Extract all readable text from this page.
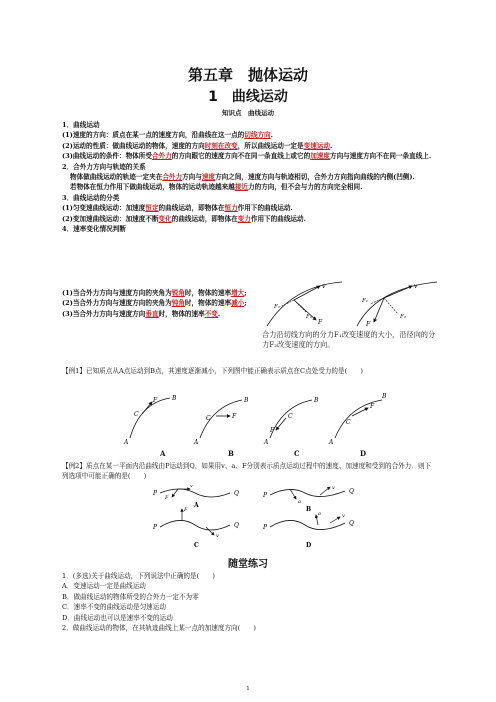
第五章　抛体运动
1　曲线运动
知识点　曲线运动

1．曲线运动

(1)速度的方向：质点在某一点的速度方向，沿曲线在这一点的切线方向.

(2)运动的性质：做曲线运动的物体，速度的方向时刻在改变，所以曲线运动一定是变速运动.

(3)曲线运动的条件：物体所受合外力的方向跟它的速度方向不在同一条直线上或它的加速度方向与速度方向不在同一条直线上.

2．合外力方向与轨迹的关系

物体做曲线运动的轨迹一定夹在合外力方向与速度方向之间，速度方向与轨迹相切，合外力方向指向曲线的内侧(凹侧).

若物体在恒力作用下做曲线运动，物体的运动轨迹越来越接近力的方向，但不会与力的方向完全相同.

3．曲线运动的分类

(1)匀变速曲线运动：加速度恒定的曲线运动，即物体在恒力作用下的曲线运动.

(2)变加速曲线运动：加速度不断变化的曲线运动，即物体在变力作用下的曲线运动.

4．速率变化情况判断

(1)当合外力方向与速度方向的夹角为锐角时，物体的速率增大;

(2)当合外力方向与速度方向的夹角为钝角时，物体的速率减小;

(3)当合外力方向与速度方向垂直时，物体的速率不变.

v
F
F₁
F₂
v
F
F₁
F₂
合力沿切线方向的分力F₁改变速度的大小，沿径向的分力F₂改变速度的方向。

【例1】已知质点从A点运动到B点，其速度逐渐减小，下列图中能正确表示质点在C点处受力的是(　　)

A
B
C
F
A
B
C	F
A
B
C
F
A
B
C
F
A	B	C	D

【例2】质点在某一平面内沿曲线由P运动到Q，如果用v、a、F分别表示质点运动过程中的速度、加速度和受到的合外力．则下列选项中可能正确的是(　　)

P	Q
v
F
A
P
Q
a
v
B
P	Q
F
v
C
P
Q
a	v
D
随堂练习

1．(多选)关于曲线运动，下列说法中正确的是(　　)

A．变速运动一定是曲线运动

B．做曲线运动的物体所受的合外力一定不为零

C．速率不变的曲线运动是匀速运动

D．曲线运动也可以是速率不变的运动

2．做曲线运动的物体，在其轨迹曲线上某一点的加速度方向(　　)

1
